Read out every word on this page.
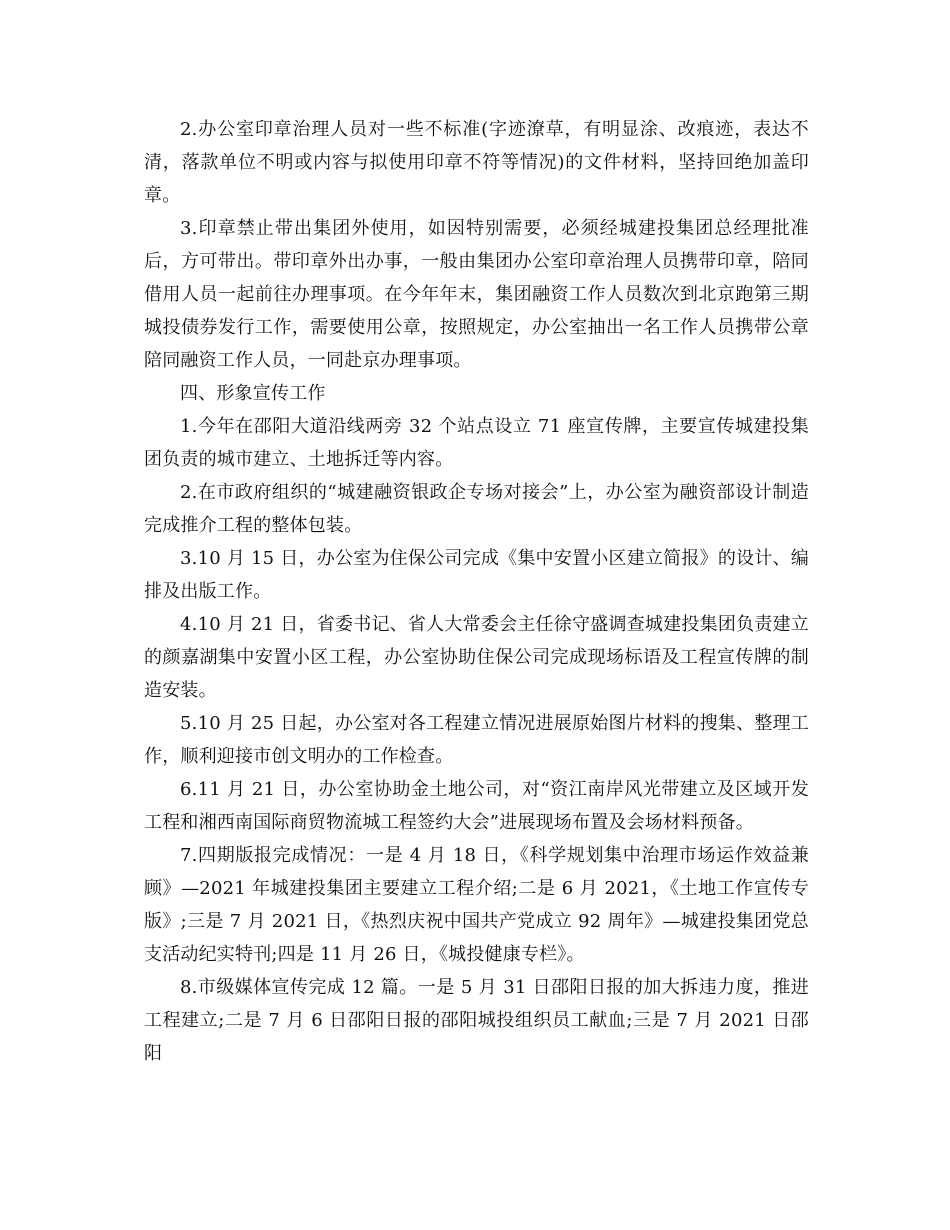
2.办公室印章治理人员对一些不标准(字迹潦草，有明显涂、改痕迹，表达不清，落款单位不明或内容与拟使用印章不符等情况)的文件材料，坚持回绝加盖印章。

3.印章禁止带出集团外使用，如因特别需要，必须经城建投集团总经理批准后，方可带出。带印章外出办事，一般由集团办公室印章治理人员携带印章，陪同借用人员一起前往办理事项。在今年年末，集团融资工作人员数次到北京跑第三期城投债券发行工作，需要使用公章，按照规定，办公室抽出一名工作人员携带公章陪同融资工作人员，一同赴京办理事项。

四、形象宣传工作

1.今年在邵阳大道沿线两旁 32 个站点设立 71 座宣传牌，主要宣传城建投集团负责的城市建立、土地拆迁等内容。

2.在市政府组织的“城建融资银政企专场对接会”上，办公室为融资部设计制造完成推介工程的整体包装。

3.10 月 15 日，办公室为住保公司完成《集中安置小区建立简报》的设计、编排及出版工作。

4.10 月 21 日，省委书记、省人大常委会主任徐守盛调查城建投集团负责建立的颜嘉湖集中安置小区工程，办公室协助住保公司完成现场标语及工程宣传牌的制造安装。

5.10 月 25 日起，办公室对各工程建立情况进展原始图片材料的搜集、整理工作，顺利迎接市创文明办的工作检查。

6.11 月 21 日，办公室协助金土地公司，对“资江南岸风光带建立及区域开发工程和湘西南国际商贸物流城工程签约大会”进展现场布置及会场材料预备。

7.四期版报完成情况：一是 4 月 18 日，《科学规划集中治理市场运作效益兼顾》—2021 年城建投集团主要建立工程介绍;二是 6 月 2021，《土地工作宣传专版》;三是 7 月 2021 日，《热烈庆祝中国共产党成立 92 周年》—城建投集团党总支活动纪实特刊;四是 11 月 26 日，《城投健康专栏》。

8.市级媒体宣传完成 12 篇。一是 5 月 31 日邵阳日报的加大拆违力度，推进工程建立;二是 7 月 6 日邵阳日报的邵阳城投组织员工献血;三是 7 月 2021 日邵阳
